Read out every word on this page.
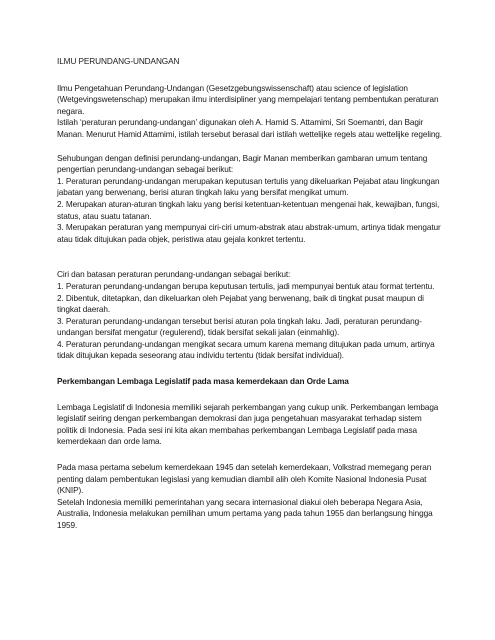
ILMU PERUNDANG-UNDANGAN

Ilmu Pengetahuan Perundang-Undangan (Gesetzgebungswissenschaft) atau science of legislation (Wetgevingswetenschap) merupakan ilmu interdisipliner yang mempelajari tentang pembentukan peraturan negara.

Istilah ‘peraturan perundang-undangan’ digunakan oleh A. Hamid S. Attamimi, Sri Soemantri, dan Bagir Manan. Menurut Hamid Attamimi, istilah tersebut berasal dari istilah wettelijke regels atau wettelijke regeling.

Sehubungan dengan definisi perundang-undangan, Bagir Manan memberikan gambaran umum tentang pengertian perundang-undangan sebagai berikut:

1. Peraturan perundang-undangan merupakan keputusan tertulis yang dikeluarkan Pejabat atau lingkungan jabatan yang berwenang, berisi aturan tingkah laku yang bersifat mengikat umum.

2. Merupakan aturan-aturan tingkah laku yang berisi ketentuan-ketentuan mengenai hak, kewajiban, fungsi, status, atau suatu tatanan.

3. Merupakan peraturan yang mempunyai ciri-ciri umum-abstrak atau abstrak-umum, artinya tidak mengatur atau tidak ditujukan pada objek, peristiwa atau gejala konkret tertentu.

Ciri dan batasan peraturan perundang-undangan sebagai berikut:

1. Peraturan perundang-undangan berupa keputusan tertulis, jadi mempunyai bentuk atau format tertentu.

2. Dibentuk, ditetapkan, dan dikeluarkan oleh Pejabat yang berwenang, baik di tingkat pusat maupun di tingkat daerah.

3. Peraturan perundang-undangan tersebut berisi aturan pola tingkah laku. Jadi, peraturan perundang-undangan bersifat mengatur (regulerend), tidak bersifat sekali jalan (einmahlig).

4. Peraturan perundang-undangan mengikat secara umum karena memang ditujukan pada umum, artinya tidak ditujukan kepada seseorang atau individu tertentu (tidak bersifat individual).

Perkembangan Lembaga Legislatif pada masa kemerdekaan dan Orde Lama

Lembaga Legislatif di Indonesia memiliki sejarah perkembangan yang cukup unik. Perkembangan lembaga legislatif seiring dengan perkembangan demokrasi dan juga pengetahuan masyarakat terhadap sistem politik di Indonesia. Pada sesi ini kita akan membahas perkembangan Lembaga Legislatif pada masa kemerdekaan dan orde lama.

Pada masa pertama sebelum kemerdekaan 1945 dan setelah kemerdekaan, Volkstrad memegang peran penting dalam pembentukan legislasi yang kemudian diambil alih oleh Komite Nasional Indonesia Pusat (KNIP).

Setelah Indonesia memiliki pemerintahan yang secara internasional diakui oleh beberapa Negara Asia, Australia, Indonesia melakukan pemilihan umum pertama yang pada tahun 1955 dan berlangsung hingga 1959.
